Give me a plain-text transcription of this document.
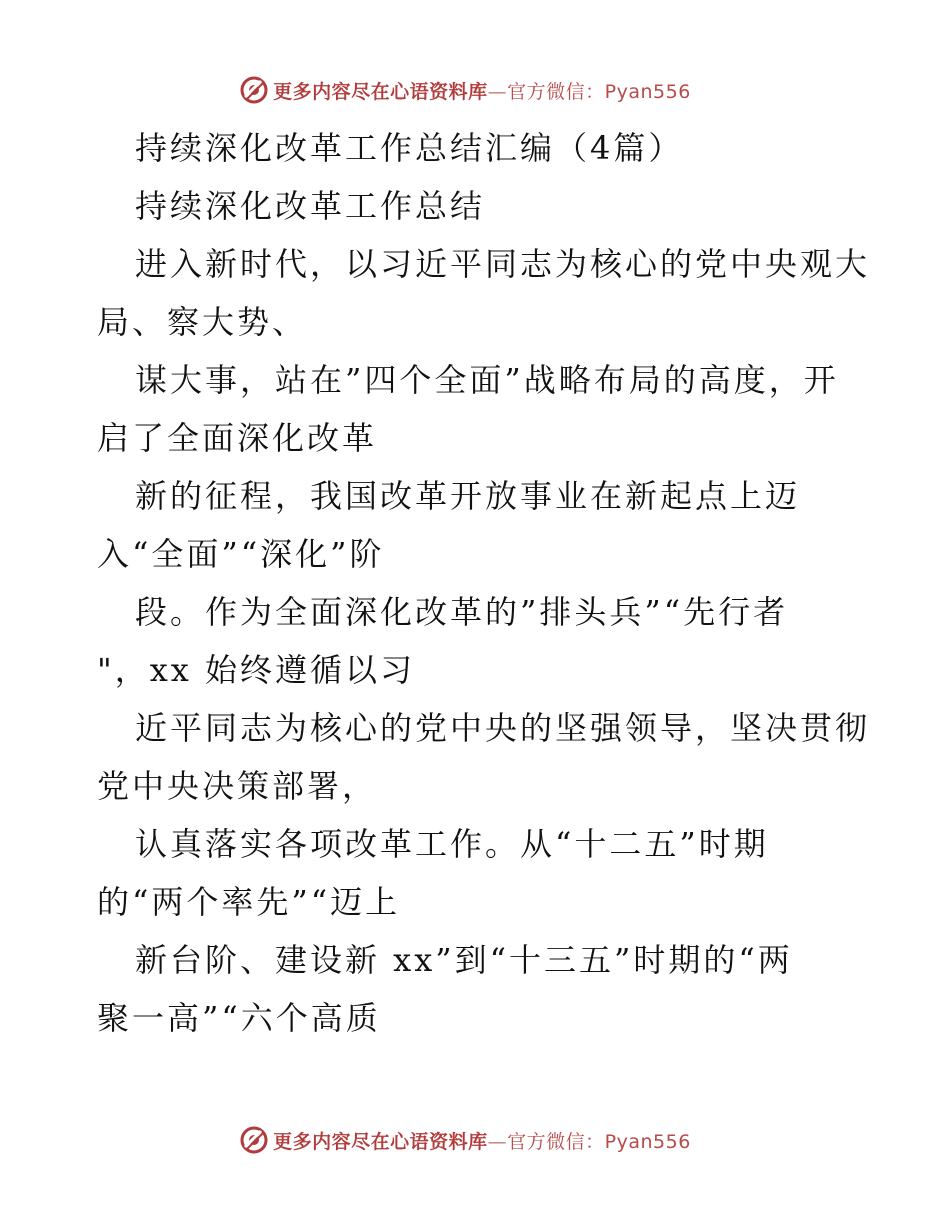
更多内容尽在心语资料库—官方微信：Pyan556
持续深化改革工作总结汇编（4篇）
持续深化改革工作总结
进入新时代，以习近平同志为核心的党中央观大
局、察大势、
谋大事，站在”四个全面”战略布局的高度，开
启了全面深化改革
新的征程，我国改革开放事业在新起点上迈
入“全面”“深化”阶
段。作为全面深化改革的”排头兵”“先行者
"，xx 始终遵循以习
近平同志为核心的党中央的坚强领导，坚决贯彻
党中央决策部署，
认真落实各项改革工作。从“十二五”时期
的“两个率先”“迈上
新台阶、建设新 xx”到“十三五”时期的“两
聚一高”“六个高质
更多内容尽在心语资料库—官方微信：Pyan556
